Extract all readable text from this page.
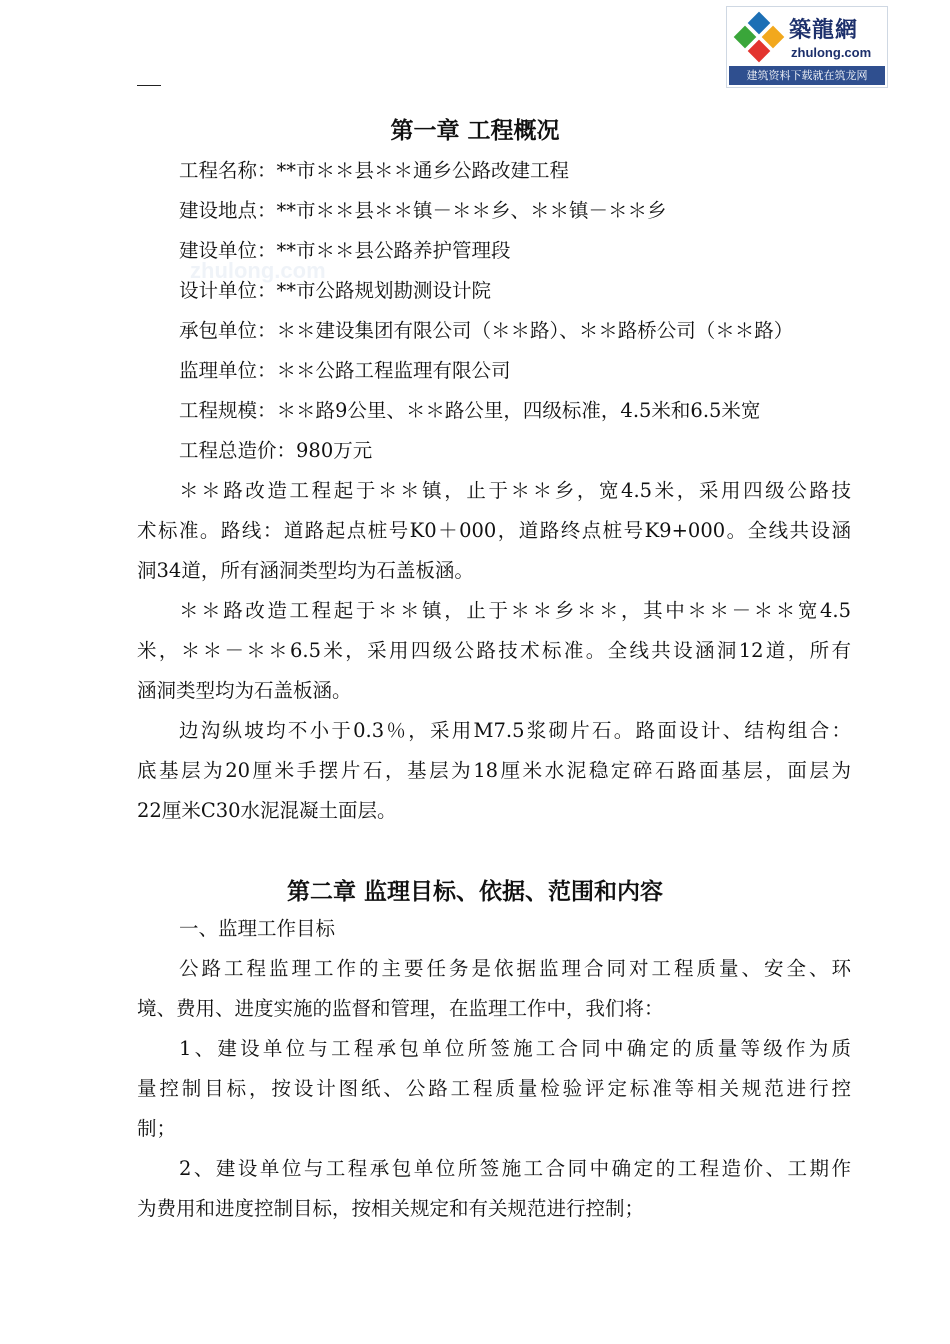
築龍網
zhulong.com
建筑资料下载就在筑龙网
zhulong.com
第一章 工程概况
工程名称：**市＊＊县＊＊通乡公路改建工程
建设地点：**市＊＊县＊＊镇－＊＊乡、＊＊镇－＊＊乡
建设单位：**市＊＊县公路养护管理段
设计单位：**市公路规划勘测设计院
承包单位：＊＊建设集团有限公司（＊＊路）、＊＊路桥公司（＊＊路）
监理单位：＊＊公路工程监理有限公司
工程规模：＊＊路9公里、＊＊路公里，四级标准，4.5米和6.5米宽
工程总造价：980万元
＊＊路改造工程起于＊＊镇，止于＊＊乡，宽4.5米，采用四级公路技
术标准。路线：道路起点桩号K0＋000，道路终点桩号K9+000。全线共设涵
洞34道，所有涵洞类型均为石盖板涵。
＊＊路改造工程起于＊＊镇，止于＊＊乡＊＊，其中＊＊－＊＊宽4.5
米，＊＊－＊＊6.5米，采用四级公路技术标准。全线共设涵洞12道，所有
涵洞类型均为石盖板涵。
边沟纵坡均不小于0.3％，采用M7.5浆砌片石。路面设计、结构组合：
底基层为20厘米手摆片石，基层为18厘米水泥稳定碎石路面基层，面层为
22厘米C30水泥混凝土面层。
第二章 监理目标、依据、范围和内容
一、监理工作目标
公路工程监理工作的主要任务是依据监理合同对工程质量、安全、环
境、费用、进度实施的监督和管理，在监理工作中，我们将：
1、建设单位与工程承包单位所签施工合同中确定的质量等级作为质
量控制目标，按设计图纸、公路工程质量检验评定标准等相关规范进行控
制；
2、建设单位与工程承包单位所签施工合同中确定的工程造价、工期作
为费用和进度控制目标，按相关规定和有关规范进行控制；
